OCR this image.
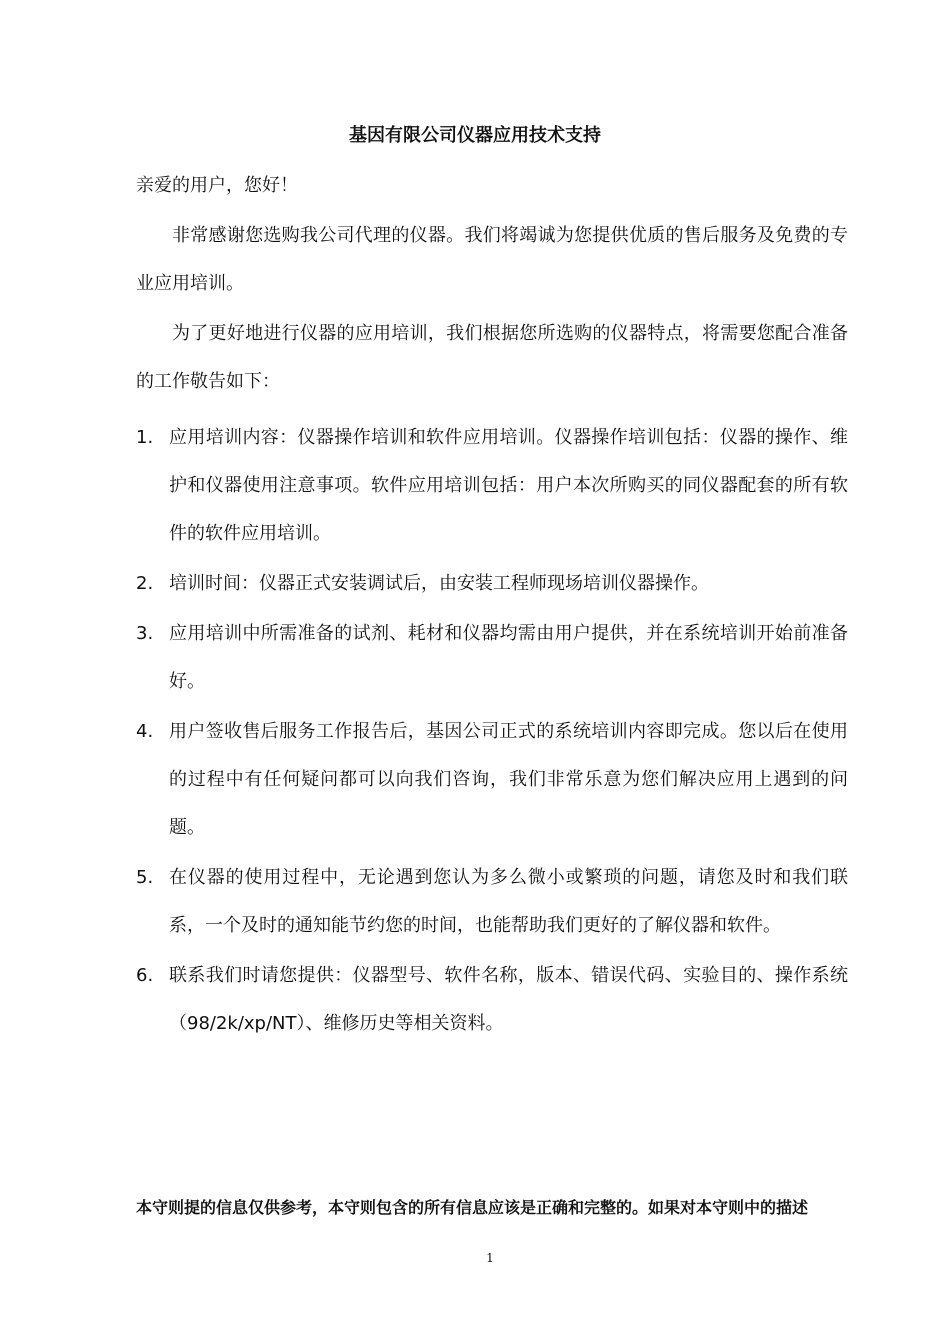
基因有限公司仪器应用技术支持

亲爱的用户，您好！

非常感谢您选购我公司代理的仪器。我们将竭诚为您提供优质的售后服务及免费的专业应用培训。

为了更好地进行仪器的应用培训，我们根据您所选购的仪器特点，将需要您配合准备的工作敬告如下：

1. 应用培训内容：仪器操作培训和软件应用培训。仪器操作培训包括：仪器的操作、维护和仪器使用注意事项。软件应用培训包括：用户本次所购买的同仪器配套的所有软件的软件应用培训。
2. 培训时间：仪器正式安装调试后，由安装工程师现场培训仪器操作。
3. 应用培训中所需准备的试剂、耗材和仪器均需由用户提供，并在系统培训开始前准备好。
4. 用户签收售后服务工作报告后，基因公司正式的系统培训内容即完成。您以后在使用的过程中有任何疑问都可以向我们咨询，我们非常乐意为您们解决应用上遇到的问题。
5. 在仪器的使用过程中，无论遇到您认为多么微小或繁琐的问题，请您及时和我们联系，一个及时的通知能节约您的时间，也能帮助我们更好的了解仪器和软件。
6. 联系我们时请您提供：仪器型号、软件名称，版本、错误代码、实验目的、操作系统（98/2k/xp/NT）、维修历史等相关资料。

本守则提的信息仅供参考，本守则包含的所有信息应该是正确和完整的。如果对本守则中的描述

1
